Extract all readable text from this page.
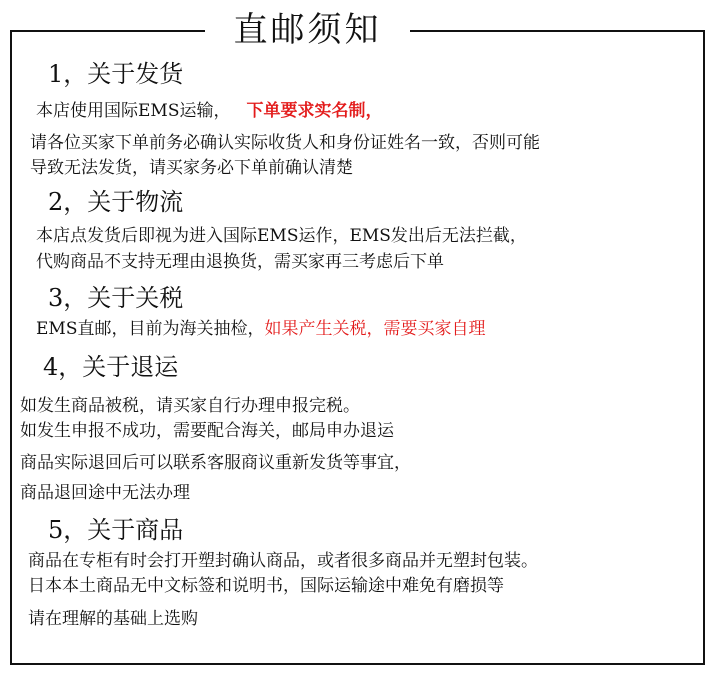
直邮须知
1，关于发货
本店使用国际EMS运输， 下单要求实名制，
请各位买家下单前务必确认实际收货人和身份证姓名一致，否则可能
导致无法发货，请买家务必下单前确认清楚
2，关于物流
本店点发货后即视为进入国际EMS运作，EMS发出后无法拦截，
代购商品不支持无理由退换货，需买家再三考虑后下单
3，关于关税
EMS直邮，目前为海关抽检，如果产生关税，需要买家自理
4，关于退运
如发生商品被税，请买家自行办理申报完税。
如发生申报不成功，需要配合海关，邮局申办退运
商品实际退回后可以联系客服商议重新发货等事宜，
商品退回途中无法办理
5，关于商品
商品在专柜有时会打开塑封确认商品，或者很多商品并无塑封包装。
日本本土商品无中文标签和说明书，国际运输途中难免有磨损等
请在理解的基础上选购
